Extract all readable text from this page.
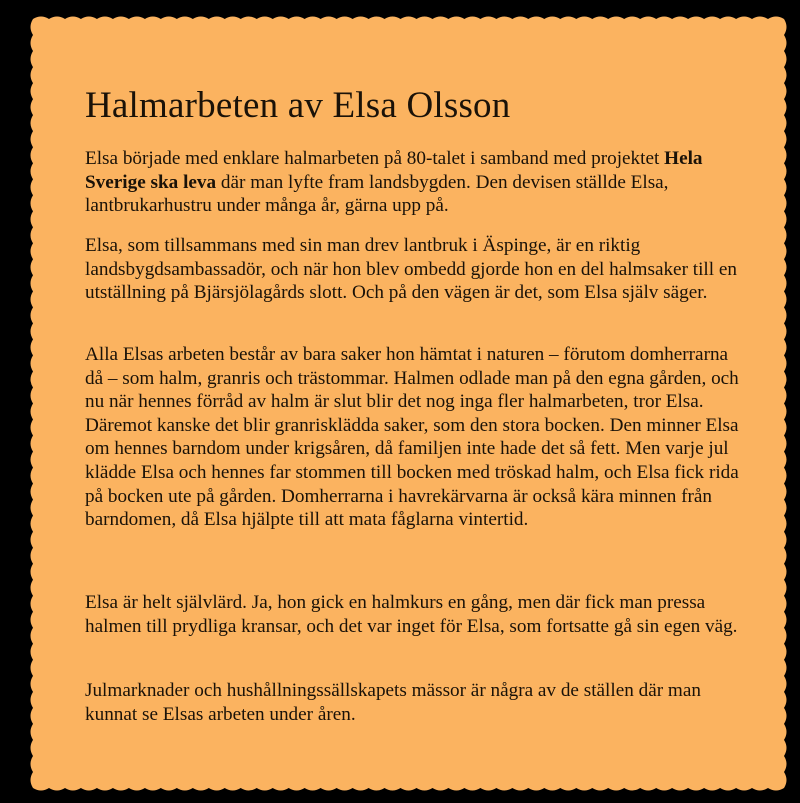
Halmarbeten av Elsa Olsson

Elsa började med enklare halmarbeten på 80-talet i samband med projektet Hela Sverige ska leva där man lyfte fram landsbygden. Den devisen ställde Elsa, lantbrukarhustru under många år, gärna upp på.

Elsa, som tillsammans med sin man drev lantbruk i Äspinge, är en riktig landsbygdsambassadör, och när hon blev ombedd gjorde hon en del halmsaker till en utställning på Bjärsjölagårds slott. Och på den vägen är det, som Elsa själv säger.

Alla Elsas arbeten består av bara saker hon hämtat i naturen – förutom domherrarna då – som halm, granris och trästommar. Halmen odlade man på den egna gården, och nu när hennes förråd av halm är slut blir det nog inga fler halmarbeten, tror Elsa. Däremot kanske det blir granrisklädda saker, som den stora bocken. Den minner Elsa om hennes barndom under krigsåren, då familjen inte hade det så fett. Men varje jul klädde Elsa och hennes far stommen till bocken med tröskad halm, och Elsa fick rida på bocken ute på gården. Domherrarna i havrekärvarna är också kära minnen från barndomen, då Elsa hjälpte till att mata fåglarna vintertid.

Elsa är helt självlärd. Ja, hon gick en halmkurs en gång, men där fick man pressa halmen till prydliga kransar, och det var inget för Elsa, som fortsatte gå sin egen väg.

Julmarknader och hushållningssällskapets mässor är några av de ställen där man kunnat se Elsas arbeten under åren.
